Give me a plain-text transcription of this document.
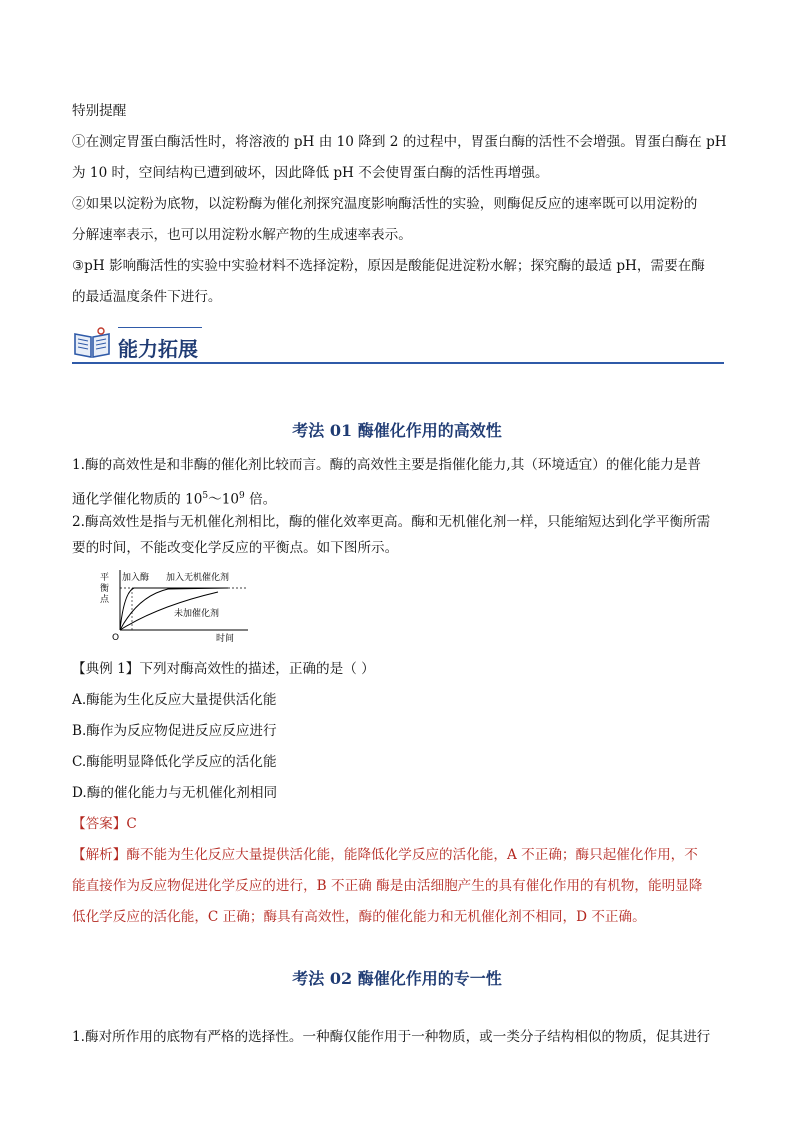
特别提醒
①在测定胃蛋白酶活性时，将溶液的 pH 由 10 降到 2 的过程中，胃蛋白酶的活性不会增强。胃蛋白酶在 pH
为 10 时，空间结构已遭到破坏，因此降低 pH 不会使胃蛋白酶的活性再增强。
②如果以淀粉为底物，以淀粉酶为催化剂探究温度影响酶活性的实验，则酶促反应的速率既可以用淀粉的
分解速率表示，也可以用淀粉水解产物的生成速率表示。
③pH 影响酶活性的实验中实验材料不选择淀粉，原因是酸能促进淀粉水解；探究酶的最适 pH，需要在酶
的最适温度条件下进行。
能力拓展
考法 01 酶催化作用的高效性
1.酶的高效性是和非酶的催化剂比较而言。酶的高效性主要是指催化能力,其（环境适宜）的催化能力是普
通化学催化物质的 $10^5\sim 10^9$ 倍。
2.酶高效性是指与无机催化剂相比，酶的催化效率更高。酶和无机催化剂一样，只能缩短达到化学平衡所需
要的时间，不能改变化学反应的平衡点。如下图所示。
平
衡
点
O	时间
加入酶 加入无机催化剂
未加催化剂
【典例 1】下列对酶高效性的描述，正确的是（ ）
A.酶能为生化反应大量提供活化能
B.酶作为反应物促进反应反应进行
C.酶能明显降低化学反应的活化能
D.酶的催化能力与无机催化剂相同
【答案】C
【解析】酶不能为生化反应大量提供活化能，能降低化学反应的活化能，A 不正确；酶只起催化作用，不
能直接作为反应物促进化学反应的进行，B 不正确 酶是由活细胞产生的具有催化作用的有机物，能明显降
低化学反应的活化能，C 正确；酶具有高效性，酶的催化能力和无机催化剂不相同，D 不正确。
考法 02 酶催化作用的专一性
1.酶对所作用的底物有严格的选择性。一种酶仅能作用于一种物质，或一类分子结构相似的物质，促其进行
